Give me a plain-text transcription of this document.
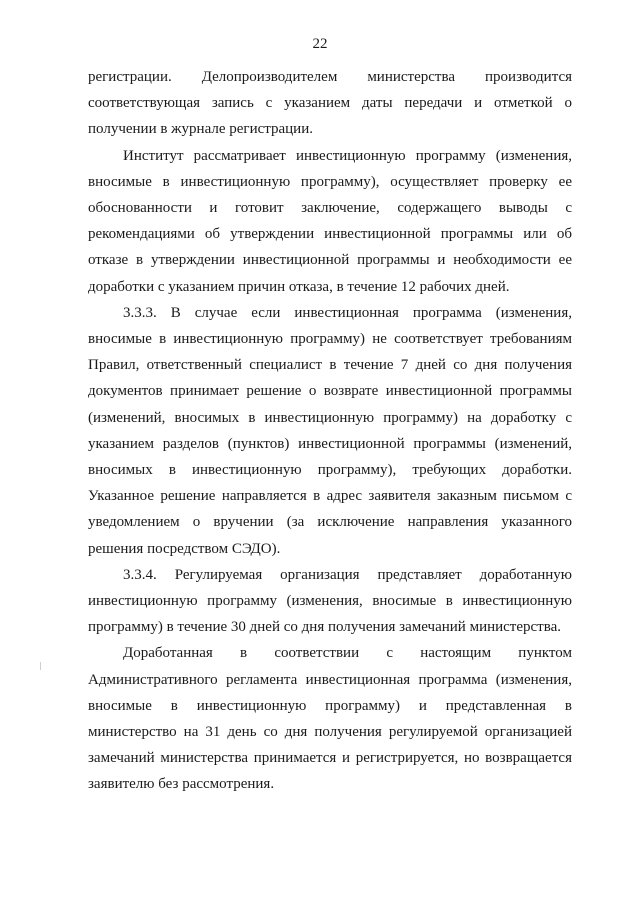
22

регистрации. Делопроизводителем министерства производится соответствующая запись с указанием даты передачи и отметкой о получении в журнале регистрации.

Институт рассматривает инвестиционную программу (изменения, вносимые в инвестиционную программу), осуществляет проверку ее обоснованности и готовит заключение, содержащего выводы с рекомендациями об утверждении инвестиционной программы или об отказе в утверждении инвестиционной программы и необходимости ее доработки с указанием причин отказа, в течение 12 рабочих дней.

3.3.3. В случае если инвестиционная программа (изменения, вносимые в инвестиционную программу) не соответствует требованиям Правил, ответственный специалист в течение 7 дней со дня получения документов принимает решение о возврате инвестиционной программы (изменений, вносимых в инвестиционную программу) на доработку с указанием разделов (пунктов) инвестиционной программы (изменений, вносимых в инвестиционную программу), требующих доработки. Указанное решение направляется в адрес заявителя заказным письмом с уведомлением о вручении (за исключение направления указанного решения посредством СЭДО).

3.3.4. Регулируемая организация представляет доработанную инвестиционную программу (изменения, вносимые в инвестиционную программу) в течение 30 дней со дня получения замечаний министерства.

Доработанная в соответствии с настоящим пунктом Административного регламента инвестиционная программа (изменения, вносимые в инвестиционную программу) и представленная в министерство на 31 день со дня получения регулируемой организацией замечаний министерства принимается и регистрируется, но возвращается заявителю без рассмотрения.
